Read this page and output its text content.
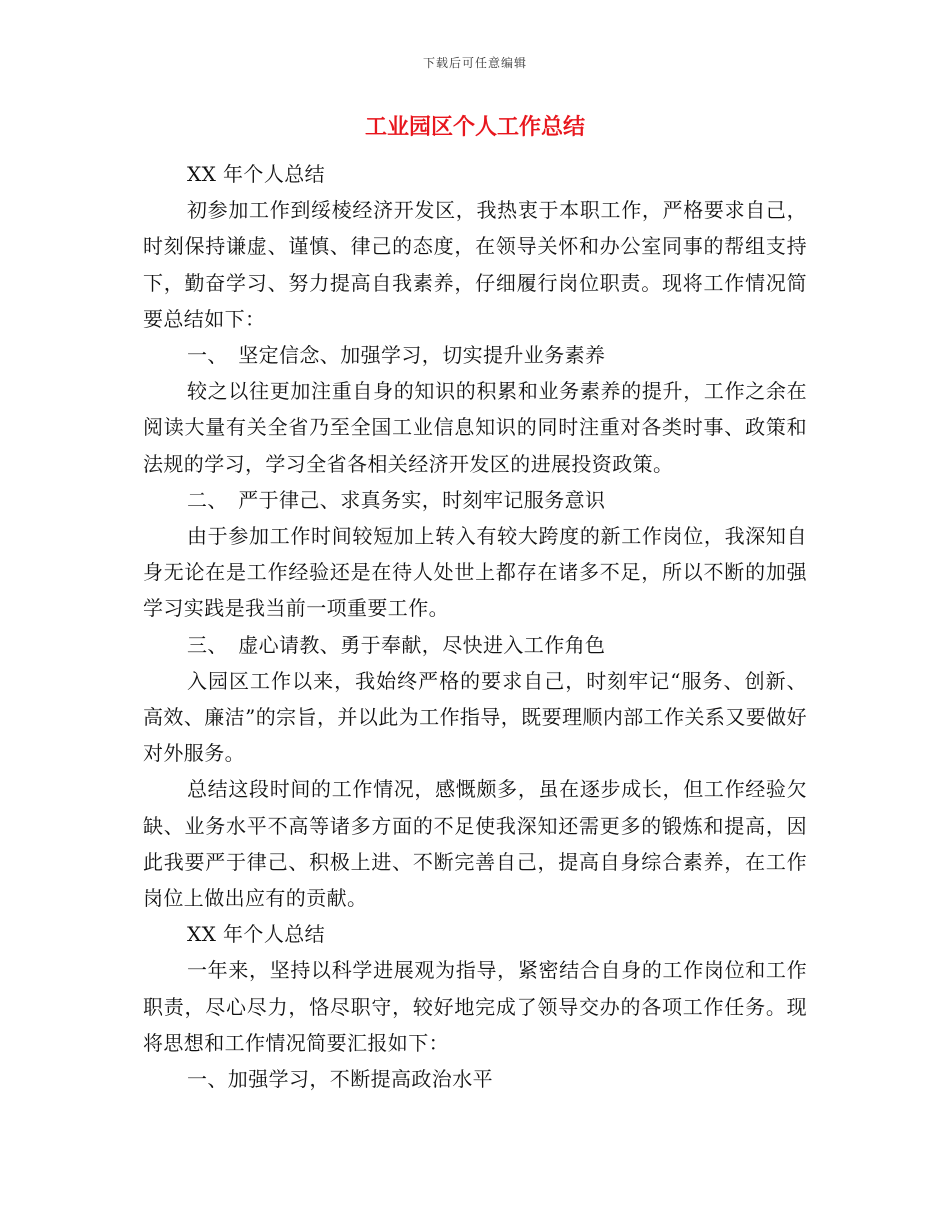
下载后可任意编辑
工业园区个人工作总结

XX 年个人总结

初参加工作到绥棱经济开发区，我热衷于本职工作，严格要求自己，时刻保持谦虚、谨慎、律己的态度，在领导关怀和办公室同事的帮组支持下，勤奋学习、努力提高自我素养，仔细履行岗位职责。现将工作情况简要总结如下：

一、　坚定信念、加强学习，切实提升业务素养

较之以往更加注重自身的知识的积累和业务素养的提升，工作之余在阅读大量有关全省乃至全国工业信息知识的同时注重对各类时事、政策和法规的学习，学习全省各相关经济开发区的进展投资政策。

二、　严于律己、求真务实，时刻牢记服务意识

由于参加工作时间较短加上转入有较大跨度的新工作岗位，我深知自身无论在是工作经验还是在待人处世上都存在诸多不足，所以不断的加强学习实践是我当前一项重要工作。

三、　虚心请教、勇于奉献，尽快进入工作角色

入园区工作以来，我始终严格的要求自己，时刻牢记“服务、创新、高效、廉洁”的宗旨，并以此为工作指导，既要理顺内部工作关系又要做好对外服务。

总结这段时间的工作情况，感慨颇多，虽在逐步成长，但工作经验欠缺、业务水平不高等诸多方面的不足使我深知还需更多的锻炼和提高，因此我要严于律己、积极上进、不断完善自己，提高自身综合素养，在工作岗位上做出应有的贡献。

XX 年个人总结

一年来，坚持以科学进展观为指导，紧密结合自身的工作岗位和工作职责，尽心尽力，恪尽职守，较好地完成了领导交办的各项工作任务。现将思想和工作情况简要汇报如下：

一、加强学习，不断提高政治水平
